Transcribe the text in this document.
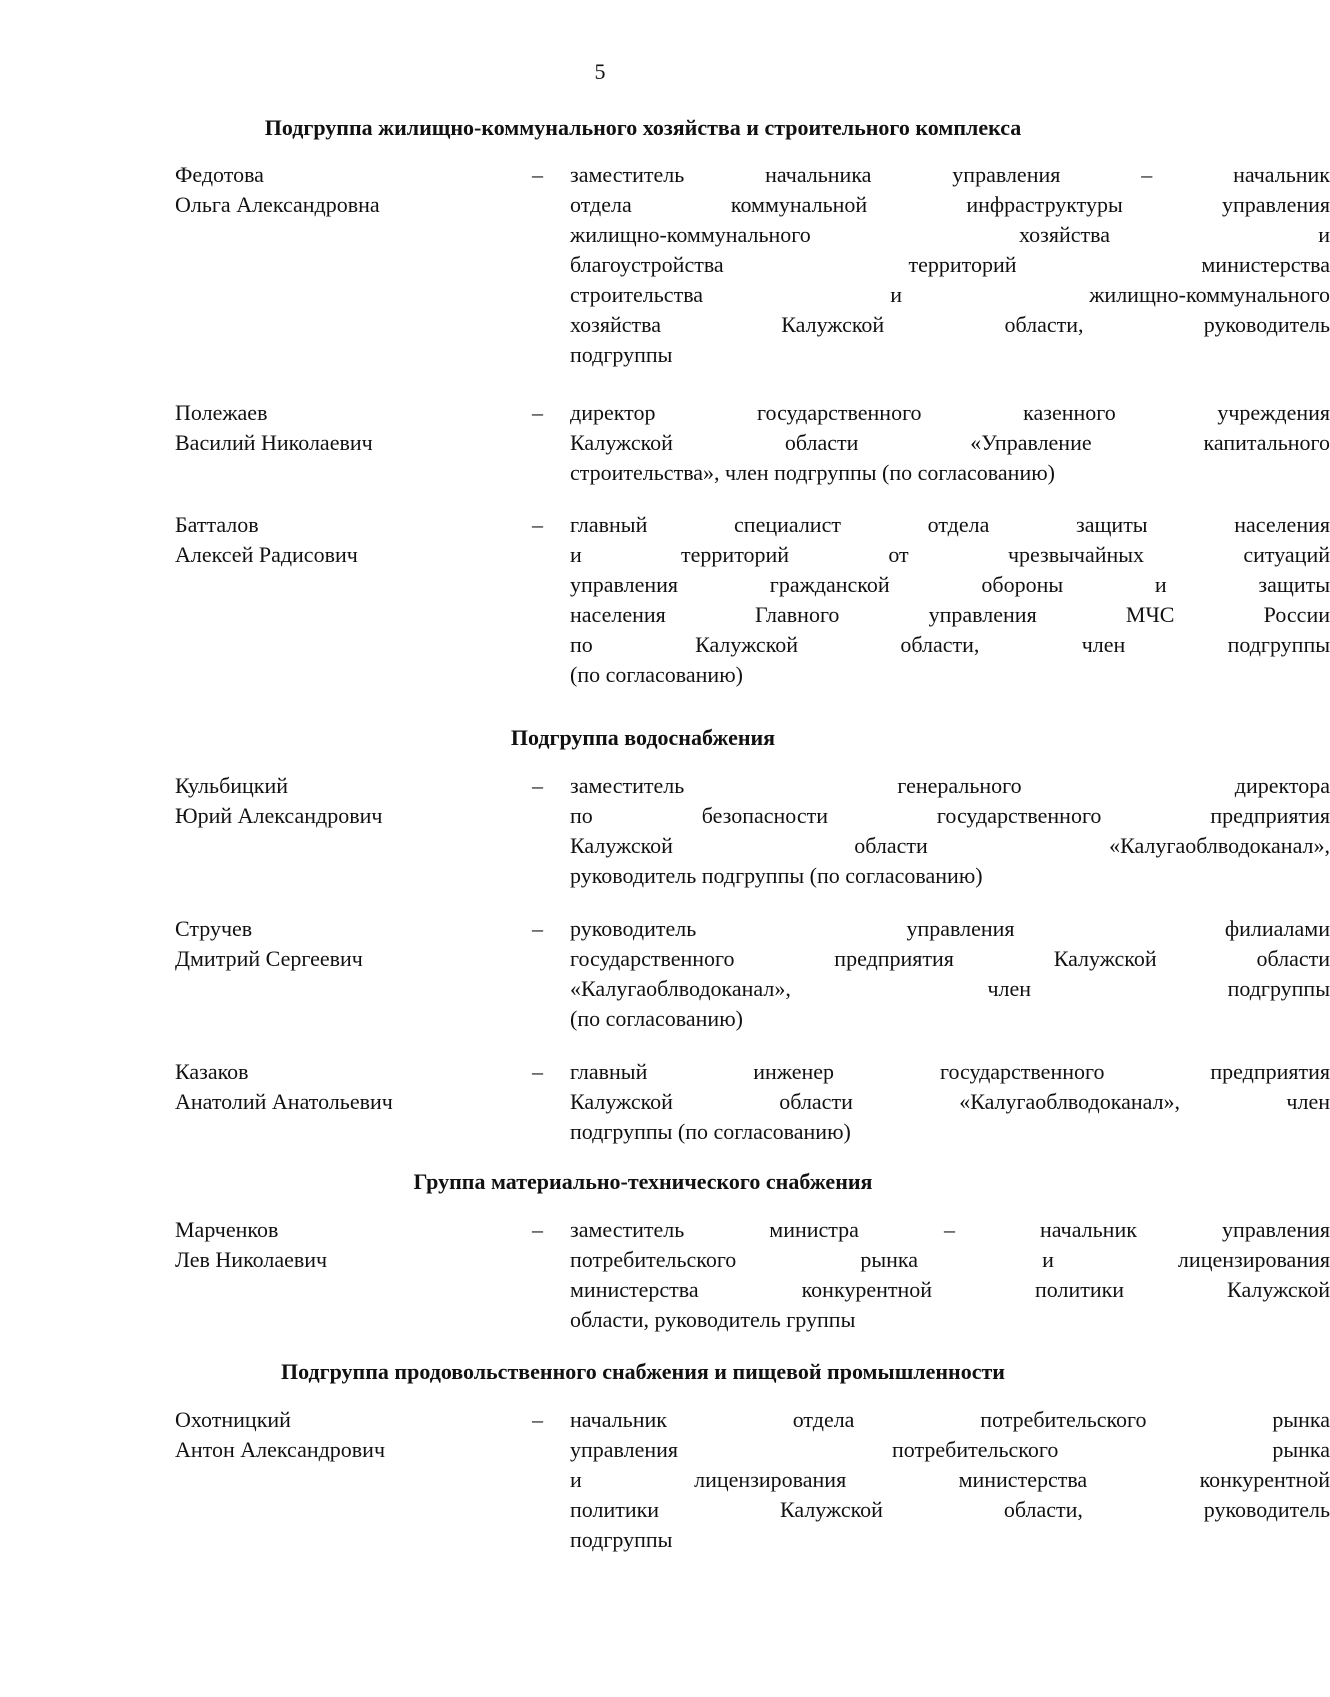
5
Подгруппа жилищно-коммунального хозяйства и строительного комплекса
Федотова
Ольга Александровна
– заместитель начальника управления – начальник
отдела коммунальной инфраструктуры управления
жилищно-коммунального хозяйства и
благоустройства территорий министерства
строительства и жилищно-коммунального
хозяйства Калужской области, руководитель
подгруппы
Полежаев
Василий Николаевич
– директор государственного казенного учреждения
Калужской области «Управление капитального
строительства», член подгруппы (по согласованию)
Батталов
Алексей Радисович
– главный специалист отдела защиты населения
и территорий от чрезвычайных ситуаций
управления гражданской обороны и защиты
населения Главного управления МЧС России
по Калужской области, член подгруппы
(по согласованию)
Подгруппа водоснабжения
Кульбицкий
Юрий Александрович
– заместитель генерального директора
по безопасности государственного предприятия
Калужской области «Калугаоблводоканал»,
руководитель подгруппы (по согласованию)
Стручев
Дмитрий Сергеевич
– руководитель управления филиалами
государственного предприятия Калужской области
«Калугаоблводоканал», член подгруппы
(по согласованию)
Казаков
Анатолий Анатольевич
– главный инженер государственного предприятия
Калужской области «Калугаоблводоканал», член
подгруппы (по согласованию)
Группа материально-технического снабжения
Марченков
Лев Николаевич
– заместитель министра – начальник управления
потребительского рынка и лицензирования
министерства конкурентной политики Калужской
области, руководитель группы
Подгруппа продовольственного снабжения и пищевой промышленности
Охотницкий
Антон Александрович
– начальник отдела потребительского рынка
управления потребительского рынка
и лицензирования министерства конкурентной
политики Калужской области, руководитель
подгруппы
